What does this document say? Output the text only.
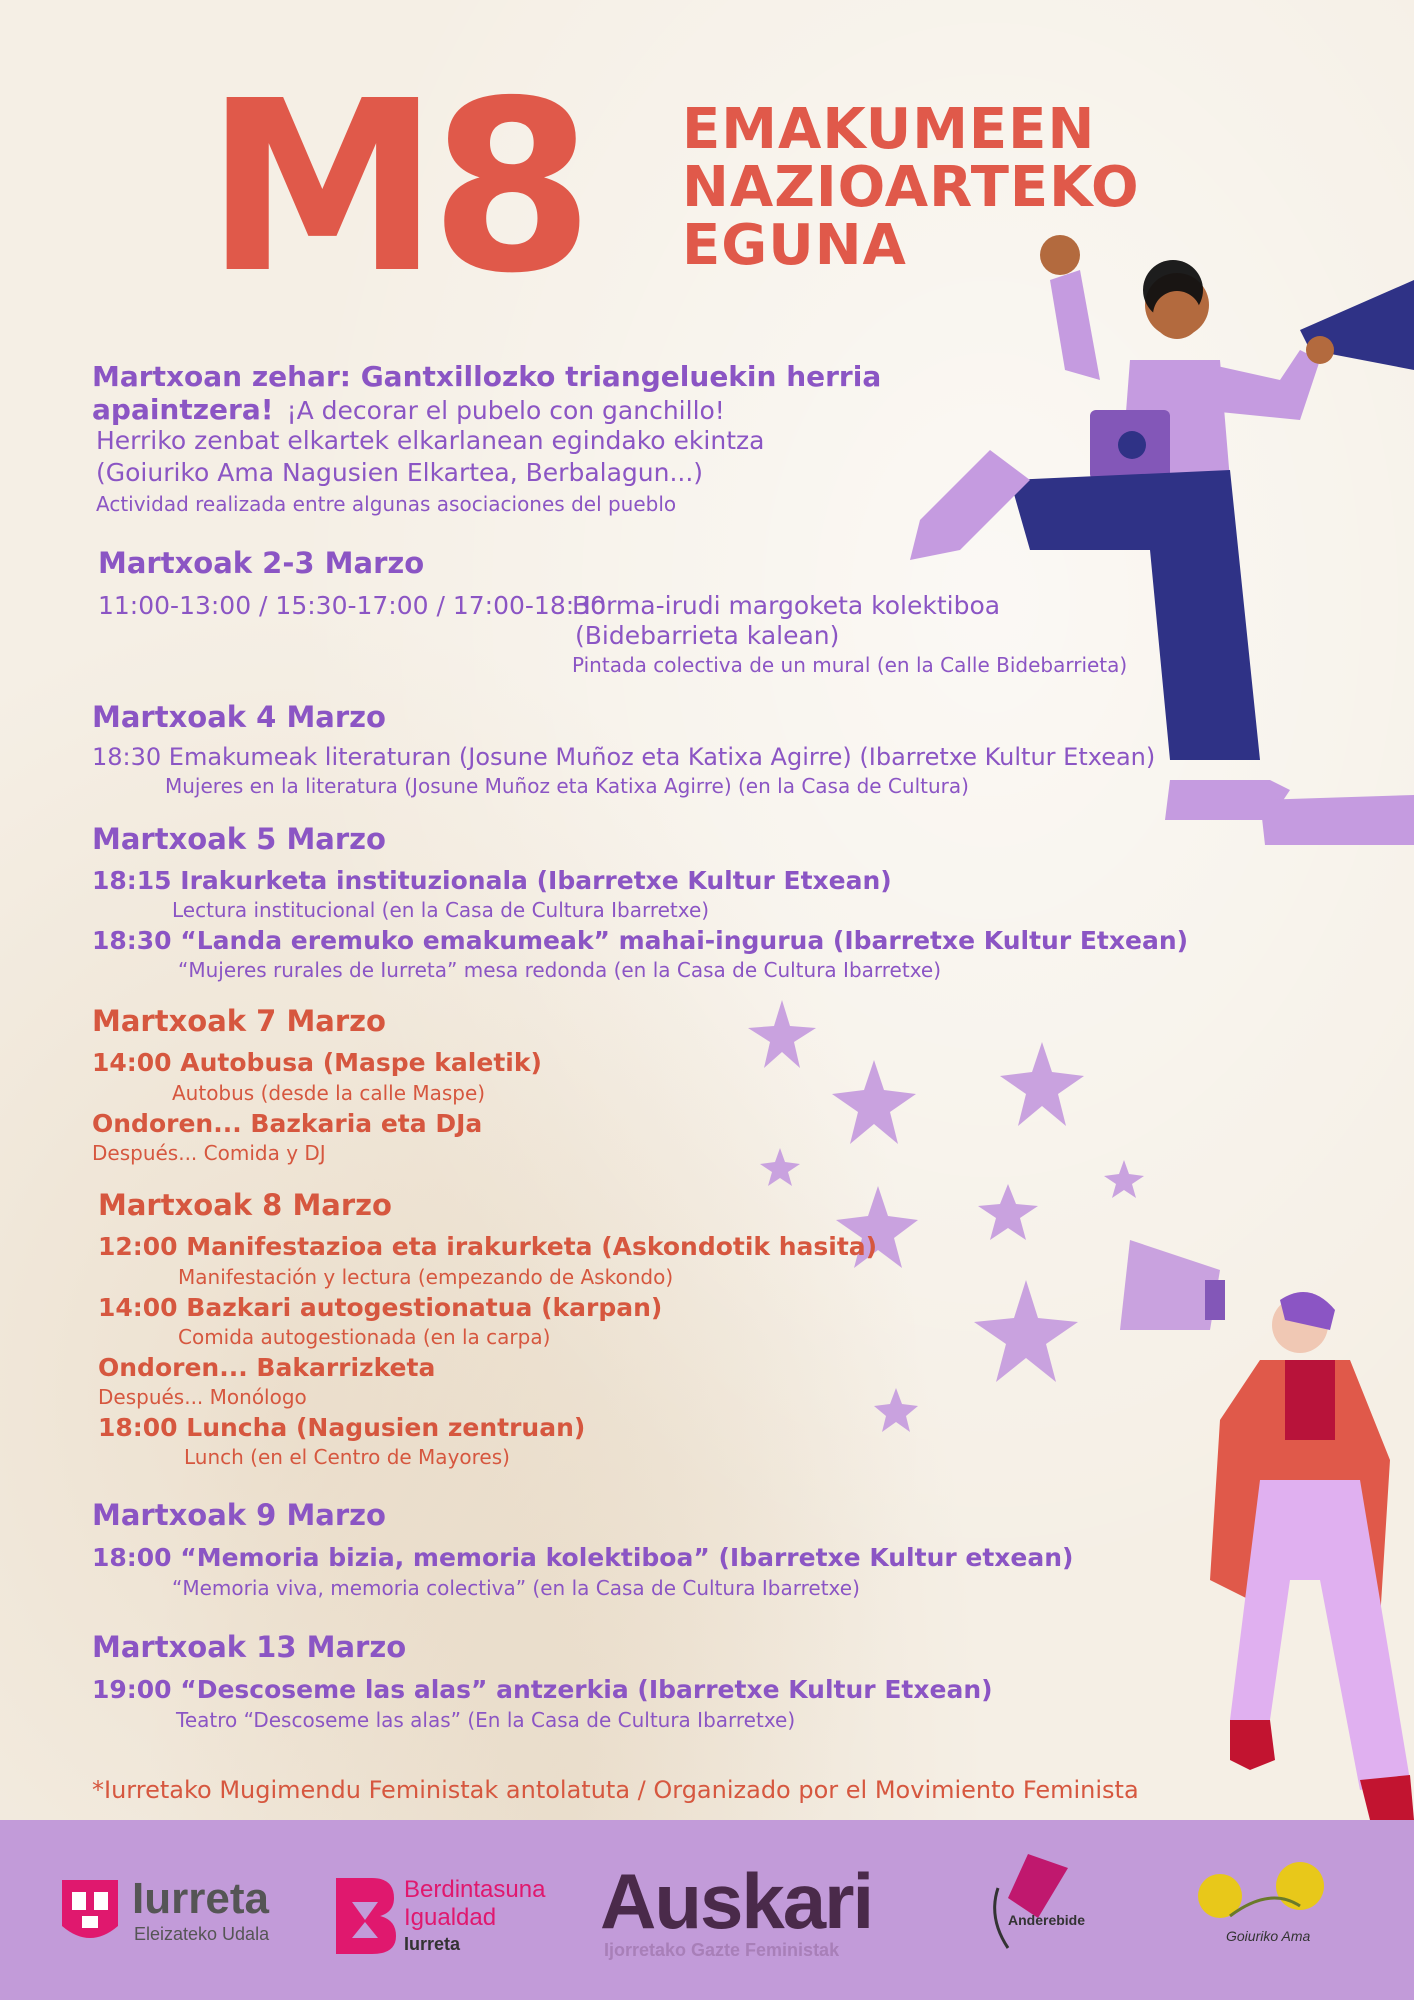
M8 EMAKUMEEN
NAZIOARTEKO
EGUNA
Martxoan zehar: Gantxillozko triangeluekin herria
apaintzera! ¡A decorar el pubelo con ganchillo!
Herriko zenbat elkartek elkarlanean egindako ekintza
(Goiuriko Ama Nagusien Elkartea, Berbalagun...)
Actividad realizada entre algunas asociaciones del pueblo
Martxoak 2-3 Marzo
11:00-13:00 / 15:30-17:00 / 17:00-18:30
Horma-irudi margoketa kolektiboa
(Bidebarrieta kalean)
Pintada colectiva de un mural (en la Calle Bidebarrieta)
Martxoak 4 Marzo
18:30 Emakumeak literaturan (Josune Muñoz eta Katixa Agirre) (Ibarretxe Kultur Etxean)
Mujeres en la literatura (Josune Muñoz eta Katixa Agirre) (en la Casa de Cultura)
Martxoak 5 Marzo
18:15 Irakurketa instituzionala (Ibarretxe Kultur Etxean)
Lectura institucional (en la Casa de Cultura Ibarretxe)
18:30 “Landa eremuko emakumeak” mahai-ingurua (Ibarretxe Kultur Etxean)
“Mujeres rurales de Iurreta” mesa redonda (en la Casa de Cultura Ibarretxe)
Martxoak 7 Marzo
14:00 Autobusa (Maspe kaletik)
Autobus (desde la calle Maspe)
Ondoren... Bazkaria eta DJa
Después... Comida y DJ
Martxoak 8 Marzo
12:00 Manifestazioa eta irakurketa (Askondotik hasita)
Manifestación y lectura (empezando de Askondo)
14:00 Bazkari autogestionatua (karpan)
Comida autogestionada (en la carpa)
Ondoren... Bakarrizketa
Después... Monólogo
18:00 Luncha (Nagusien zentruan)
Lunch (en el Centro de Mayores)
Martxoak 9 Marzo
18:00 “Memoria bizia, memoria kolektiboa” (Ibarretxe Kultur etxean)
“Memoria viva, memoria colectiva” (en la Casa de Cultura Ibarretxe)
Martxoak 13 Marzo
19:00 “Descoseme las alas” antzerkia (Ibarretxe Kultur Etxean)
Teatro “Descoseme las alas” (En la Casa de Cultura Ibarretxe)
*Iurretako Mugimendu Feministak antolatuta / Organizado por el Movimiento Feminista
Iurreta
Eleizateko Udala
Berdintasuna
Igualdad
Iurreta Auskari
Ijorretako Gazte Feministak
Anderebide
Goiuriko Ama
